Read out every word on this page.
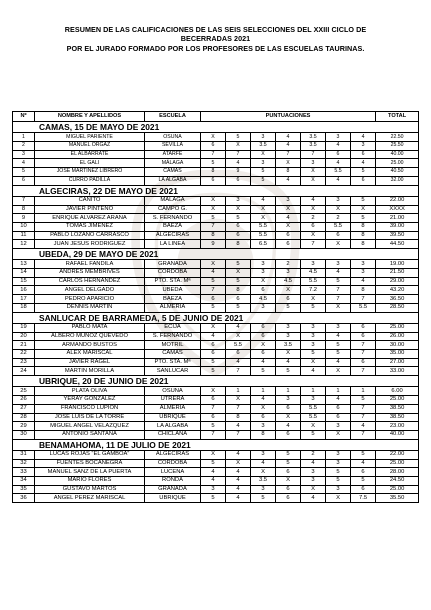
RESUMEN DE LAS CALIFICACIONES DE LAS SEIS SELECCIONES DEL XXIII CICLO DE
BECERRADAS 2021
POR EL JURADO FORMADO POR LOS PROFESORES DE LAS ESCUELAS TAURINAS.
Nº	NOMBRE Y APELLIDOS	ESCUELA	PUNTUACIONES							TOTAL
CAMAS, 15 DE MAYO DE 2021										
1	MIGUEL PARIENTE	OSUNA	X	5	3	4	3.5	3	4	22.50
2	MANUEL ORGAZ	SEVILLA	6	X	3.5	4	3.5	4	3	25.50
3	EL ALBARRATE	ATARFE	7	7	X	7	7	6	6	40.00
4	EL GALI	MÁLAGA	5	4	3	X	3	4	4	25.00
5	JOSÉ MARTÍNEZ LIBRERO	CAMAS	8	9	5	8	X	5.5	5	40.50
6	CURRO PADILLA	LA ALGABA	6	6	5	4	X	4	6	32.00
ALGECIRAS, 22 DE MAYO DE 2021										
7	CANITO	MALAGA	X	3	4	3	4	3	5	22.00
8	JAVIER PINTEÑO	CAMPO G.	X	X	X	X	X	X	X	XXXX
9	ENRIQUE ALVAREZ ARANA	S. FERNANDO	5	5	X	4	2	2	5	21.00
10	TOMAS JIMENEZ	BAEZA	7	6	5.5	X	6	5.5	8	39.00
11	PABLO LOZANO CARRASCO	ALGECIRAS	8	6	5.5	6	X	6	8	39.50
12	JUAN JESUS RODRIGUEZ	LA LINEA	9	8	6.5	6	7	X	8	44.50
UBEDA, 29 DE MAYO DE 2021										
13	RAFAEL FANDILA	GRANADA	X	5	3	2	3	3	3	19.00
14	ANDRES MEMBRIVES	CORDOBA	4	X	3	3	4.5	4	3	21.50
15	CARLOS HERNANDEZ	PTO. STA. Mª	5	5	X	4.5	5.5	5	4	29.00
16	ANGEL DELGADO	UBEDA	7	8	6	X	7.2	7	8	43.20
17	PEDRO APARICIO	BAEZA	6	6	4.5	6	X	7	7	36.50
18	DENNIS MARTIN	ALMERIA	5	5	3	5	5	X	5.5	28.50
SANLUCAR DE BARRAMEDA, 5 DE JUNIO DE 2021										
19	PABLO MATA	ECIJA	X	4	6	3	3	3	6	25.00
20	ALBERO MUÑOZ QUEVEDO	S. FERNANDO	4	X	6	3	3	4	6	26.00
21	ARMANDO BUSTOS	MOTRIL	6	5.5	X	3.5	3	5	7	30.00
22	ALEX MARISCAL	CAMAS	6	6	6	X	5	5	7	35.00
23	JAVIER RAGEL	PTO. STA. Mª	5	4	4	4	X	4	6	27.00
24	MARTIN MORILLA	SANLUCAR	5	7	5	5	4	X	7	33.00
UBRIQUE, 20 DE JUNIO DE 2021										
25	PLATA OLIVA	OSUNA	X	1	1	1	1	1	1	6.00
26	YERAY GONZALEZ	UTRERA	6	X	4	3	3	4	5	25.00
27	FRANCISCO LUPION	ALMERIA	7	7	X	6	5.5	6	7	38.50
28	JOSE LUIS DE LA TORRE	UBRIQUE	6	8	6	X	5.5	6	7	38.50
29	MIGUEL ANGEL VELAZQUEZ	LA ALGABA	5	4	3	4	X	3	4	23.00
30	ANTONIO SANTANA	CHICLANA	7	7	8	6	5	X	7	40.00
BENAMAHOMA, 11 DE JULIO DE 2021										
31	LUCAS ROJAS “EL GAMBOA”	ALGECIRAS	X	4	3	5	2	3	5	22.00
32	FUENTES BOCANEGRA	CORDOBA	5	X	4	5	4	3	4	25.00
33	MANUEL SANZ DE LA PUERTA	LUCENA	4	4	X	6	3	5	6	28.00
34	MARIO FLORES	RONDA	4	4	3.5	X	3	5	5	24.50
35	GUSTAVO MARTOS	GRANADA	3	4	3	6	X	3	6	25.00
36	ANGEL PEREZ MARISCAL	UBRIQUE	5	4	5	6	4	X	7.5	35.50
